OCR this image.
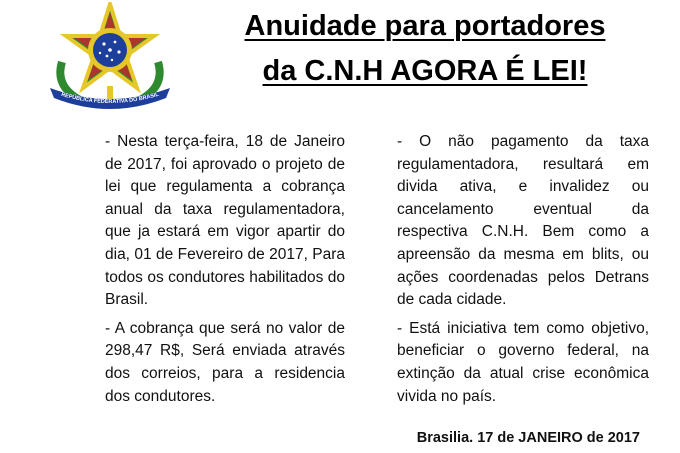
REPÚBLICA FEDERATIVA DO BRASIL
Anuidade para portadores
da C.N.H AGORA É LEI!

- Nesta terça-feira, 18 de Janeiro de 2017, foi aprovado o projeto de lei que regulamenta a cobrança anual da taxa regulamentadora, que ja estará em vigor apartir do dia, 01 de Fevereiro de 2017, Para todos os condutores habilitados do Brasil.

- A cobrança que será no valor de 298,47 R$, Será enviada através dos correios, para a residencia dos condutores.

- O não pagamento da taxa regulamentadora, resultará em divida ativa, e invalidez ou cancelamento eventual da respectiva C.N.H. Bem como a apreensão da mesma em blits, ou ações coordenadas pelos Detrans de cada cidade.

- Está iniciativa tem como objetivo, beneficiar o governo federal, na extinção da atual crise econômica vivida no país.

Brasilia. 17 de JANEIRO de 2017
